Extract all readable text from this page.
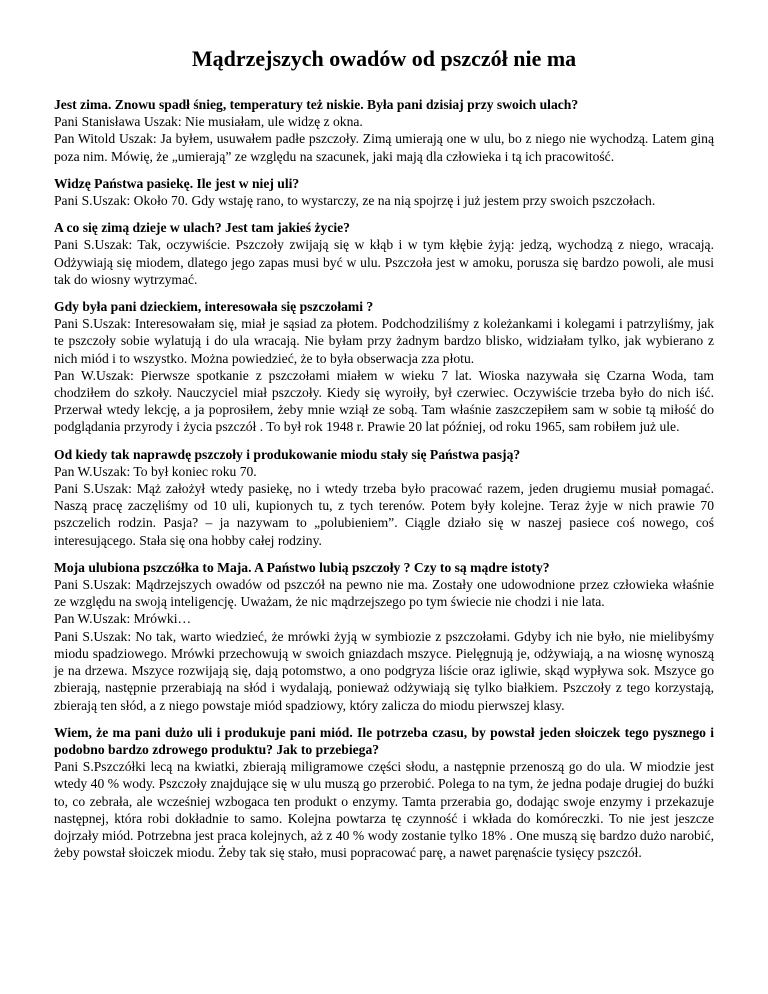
Mądrzejszych owadów od pszczół nie ma

Jest zima. Znowu spadł śnieg, temperatury też niskie. Była pani dzisiaj przy swoich ulach?

Pani Stanisława Uszak: Nie musiałam, ule widzę z okna.

Pan Witold Uszak: Ja byłem, usuwałem padłe pszczoły. Zimą umierają one w ulu, bo z niego nie wychodzą. Latem giną poza nim. Mówię, że „umierają” ze względu na szacunek, jaki mają dla człowieka i tą ich pracowitość.

Widzę Państwa pasiekę. Ile jest w niej uli?

Pani S.Uszak: Około 70. Gdy wstaję rano, to wystarczy, ze na nią spojrzę i już jestem przy swoich pszczołach.

A co się zimą dzieje w ulach? Jest tam jakieś życie?

Pani S.Uszak: Tak, oczywiście. Pszczoły zwijają się w kłąb i w tym kłębie żyją: jedzą, wychodzą z niego, wracają. Odżywiają się miodem, dlatego jego zapas musi być w ulu. Pszczoła jest w amoku, porusza się bardzo powoli, ale musi tak do wiosny wytrzymać.

Gdy była pani dzieckiem, interesowała się pszczołami ?

Pani S.Uszak: Interesowałam się, miał je sąsiad za płotem. Podchodziliśmy z koleżankami i kolegami i patrzyliśmy, jak te pszczoły sobie wylatują i do ula wracają. Nie byłam przy żadnym bardzo blisko, widziałam tylko, jak wybierano z nich miód i to wszystko. Można powiedzieć, że to była obserwacja zza płotu.

Pan W.Uszak: Pierwsze spotkanie z pszczołami miałem w wieku 7 lat. Wioska nazywała się Czarna Woda, tam chodziłem do szkoły. Nauczyciel miał pszczoły. Kiedy się wyroiły, był czerwiec. Oczywiście trzeba było do nich iść. Przerwał wtedy lekcję, a ja poprosiłem, żeby mnie wziął ze sobą. Tam właśnie zaszczepiłem sam w sobie tą miłość do podglądania przyrody i życia pszczół . To był rok 1948 r. Prawie 20 lat później, od roku 1965, sam robiłem już ule.

Od kiedy tak naprawdę pszczoły i produkowanie miodu stały się Państwa pasją?

Pan W.Uszak: To był koniec roku 70.

Pani S.Uszak: Mąż założył wtedy pasiekę, no i wtedy trzeba było pracować razem, jeden drugiemu musiał pomagać. Naszą pracę zaczęliśmy od 10 uli, kupionych tu, z tych terenów. Potem były kolejne. Teraz żyje w nich prawie 70 pszczelich rodzin. Pasja? – ja nazywam to „polubieniem”. Ciągle działo się w naszej pasiece coś nowego, coś interesującego. Stała się ona hobby całej rodziny.

Moja ulubiona pszczółka to Maja. A Państwo lubią pszczoły ? Czy to są mądre istoty?

Pani S.Uszak: Mądrzejszych owadów od pszczół na pewno nie ma. Zostały one udowodnione przez człowieka właśnie ze względu na swoją inteligencję. Uważam, że nic mądrzejszego po tym świecie nie chodzi i nie lata.

Pan W.Uszak: Mrówki…

Pani S.Uszak: No tak, warto wiedzieć, że mrówki żyją w symbiozie z pszczołami. Gdyby ich nie było, nie mielibyśmy miodu spadziowego. Mrówki przechowują w swoich gniazdach mszyce. Pielęgnują je, odżywiają, a na wiosnę wynoszą je na drzewa. Mszyce rozwijają się, dają potomstwo, a ono podgryza liście oraz igliwie, skąd wypływa sok. Mszyce go zbierają, następnie przerabiają na słód i wydalają, ponieważ odżywiają się tylko białkiem. Pszczoły z tego korzystają, zbierają ten słód, a z niego powstaje miód spadziowy, który zalicza do miodu pierwszej klasy.

Wiem, że ma pani dużo uli i produkuje pani miód. Ile potrzeba czasu, by powstał jeden słoiczek tego pysznego i podobno bardzo zdrowego produktu? Jak to przebiega?

Pani S.Pszczółki lecą na kwiatki, zbierają miligramowe części słodu, a następnie przenoszą go do ula. W miodzie jest wtedy 40 % wody. Pszczoły znajdujące się w ulu muszą go przerobić. Polega to na tym, że jedna podaje drugiej do buźki to, co zebrała, ale wcześniej wzbogaca ten produkt o enzymy. Tamta przerabia go, dodając swoje enzymy i przekazuje następnej, która robi dokładnie to samo. Kolejna powtarza tę czynność i wkłada do komóreczki. To nie jest jeszcze dojrzały miód. Potrzebna jest praca kolejnych, aż z 40 % wody zostanie tylko 18% . One muszą się bardzo dużo narobić, żeby powstał słoiczek miodu. Żeby tak się stało, musi popracować parę, a nawet paręnaście tysięcy pszczół.
